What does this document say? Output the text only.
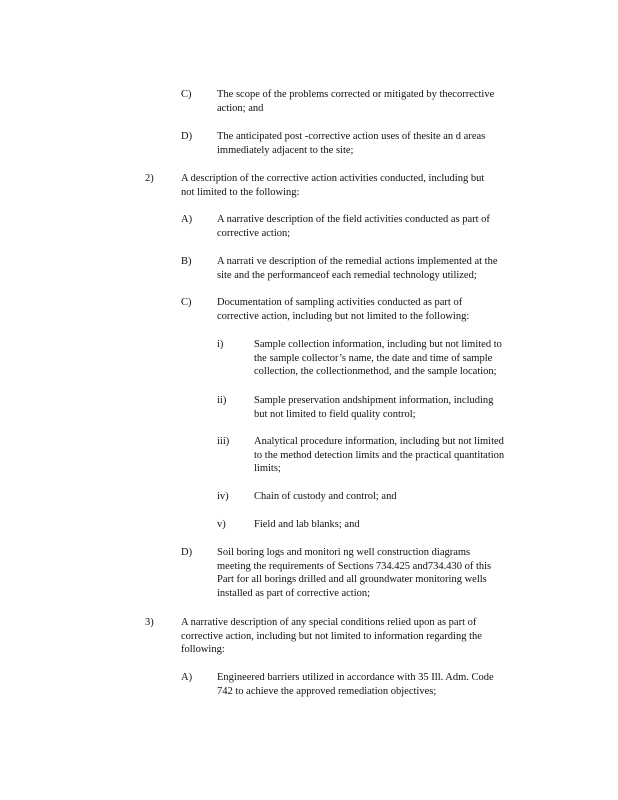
C) The scope of the problems corrected or mitigated by thecorrective
action; and
D) The anticipated post -corrective action uses of thesite an d areas
immediately adjacent to the site;
2)	A description of the corrective action activities conducted, including but
not limited to the following:
A) A narrative description of the field activities conducted as part of
corrective action;
B) A narrati ve description of the remedial actions implemented at the
site and the performanceof each remedial technology utilized;
C) Documentation of sampling activities conducted as part of
corrective action, including but not limited to the following:
i)	Sample collection information, including but not limited to
the sample collector’s name, the date and time of sample
collection, the collectionmethod, and the sample location;
ii)	Sample preservation andshipment information, including
but not limited to field quality control;
iii) Analytical procedure information, including but not limited
to the method detection limits and the practical quantitation
limits;
iv) Chain of custody and control; and
v)	Field and lab blanks; and
D) Soil boring logs and monitori ng well construction diagrams
meeting the requirements of Sections 734.425 and734.430 of this
Part for all borings drilled and all groundwater monitoring wells
installed as part of corrective action;
3)	A narrative description of any special conditions relied upon as part of
corrective action, including but not limited to information regarding the
following:
A) Engineered barriers utilized in accordance with 35 Ill. Adm. Code
742 to achieve the approved remediation objectives;
